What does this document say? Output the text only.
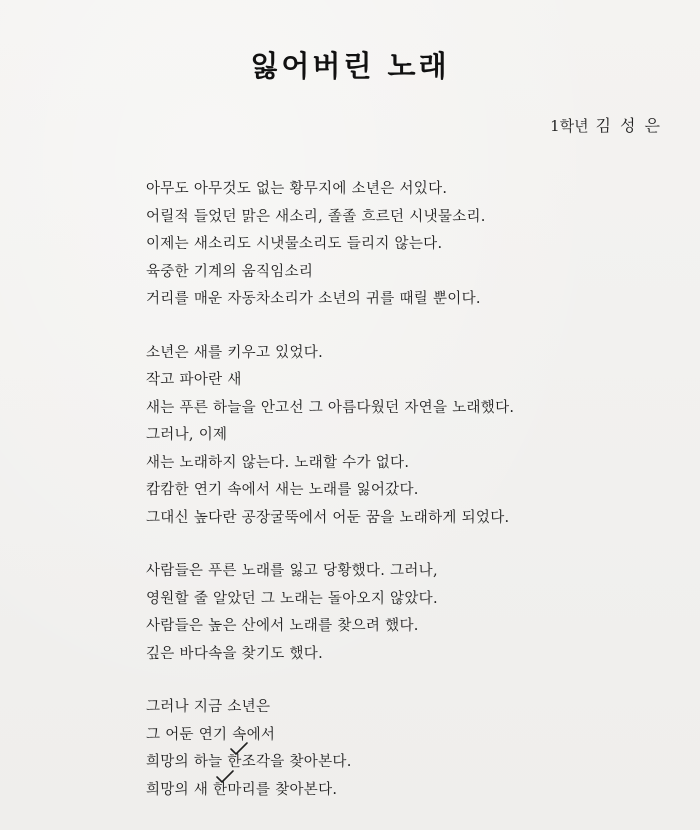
잃어버린 노래
1학년 김 성 은
아무도 아무것도 없는 황무지에 소년은 서있다.
어릴적 들었던 맑은 새소리, 졸졸 흐르던 시냇물소리.
이제는 새소리도 시냇물소리도 들리지 않는다.
육중한 기계의 움직임소리
거리를 매운 자동차소리가 소년의 귀를 때릴 뿐이다.
소년은 새를 키우고 있었다.
작고 파아란 새
새는 푸른 하늘을 안고선 그 아름다웠던 자연을 노래했다.
그러나, 이제
새는 노래하지 않는다. 노래할 수가 없다.
캄캄한 연기 속에서 새는 노래를 잃어갔다.
그대신 높다란 공장굴뚝에서 어둔 꿈을 노래하게 되었다.
사람들은 푸른 노래를 잃고 당황했다. 그러나,
영원할 줄 알았던 그 노래는 돌아오지 않았다.
사람들은 높은 산에서 노래를 찾으려 했다.
깊은 바다속을 찾기도 했다.
그러나 지금 소년은
그 어둔 연기 속에서
희망의 하늘
한조각을 찾아본다.
희망의 새
한마리를 찾아본다.
